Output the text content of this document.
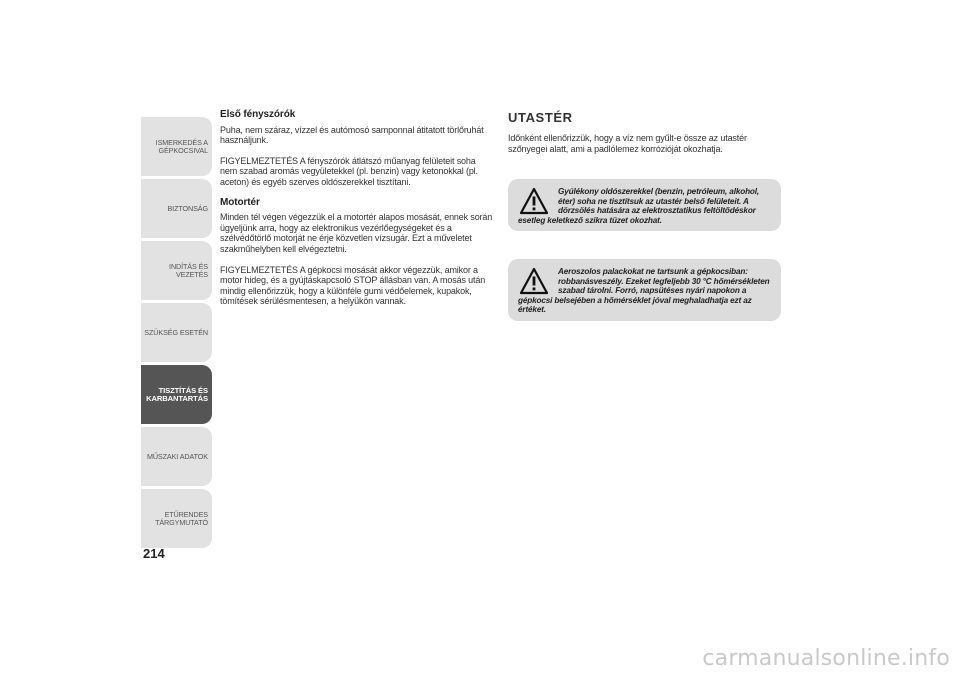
ISMERKEDÉS A
GÉPKOCSIVAL
BIZTONSÁG
INDÍTÁS ÉS VEZETÉS
SZÜKSÉG ESETÉN
TISZTÍTÁS ÉS
KARBANTARTÁS
MŰSZAKI ADATOK
ETŰRENDES
TÁRGYMUTATÓ
214
Első fényszórók

Puha, nem száraz, vízzel és autómosó samponnal átitatott törlőruhát használjunk.

FIGYELMEZTETÉS A fényszórók átlátszó műanyag felületeit soha nem szabad aromás vegyületekkel (pl. benzin) vagy ketonokkal (pl. aceton) és egyéb szerves oldószerekkel tisztítani.

Motortér

Minden tél végen végezzük el a motortér alapos mosását, ennek során ügyeljünk arra, hogy az elektronikus vezérlőegységeket és a szélvédőtörlő motorját ne érje közvetlen vízsugár. Ezt a műveletet szakműhelyben kell elvégeztetni.

FIGYELMEZTETÉS A gépkocsi mosását akkor végezzük, amikor a motor hideg, és a gyújtáskapcsoló STOP állásban van. A mosás után mindig ellenőrizzük, hogy a különféle gumi védőelemek, kupakok, tömítések sérülésmentesen, a helyükön vannak.

UTASTÉR

Időnként ellenőrizzük, hogy a víz nem gyűlt-e össze az utastér szőnyegei alatt, ami a padlólemez korrózióját okozhatja.

Gyúlékony oldószerekkel (benzin, petróleum, alkohol, éter) soha ne tisztítsuk az utastér belső felületeit. A dörzsölés hatására az elektrosztatikus feltöltődéskor esetleg keletkező szikra tüzet okozhat.

Aeroszolos palackokat ne tartsunk a gépkocsiban: robbanásveszély. Ezeket legfeljebb 30 °C hőmérsékleten szabad tárolni. Forró, napsütéses nyári napokon a gépkocsi belsejében a hőmérséklet jóval meghaladhatja ezt az értéket.

carmanualsonline.info
